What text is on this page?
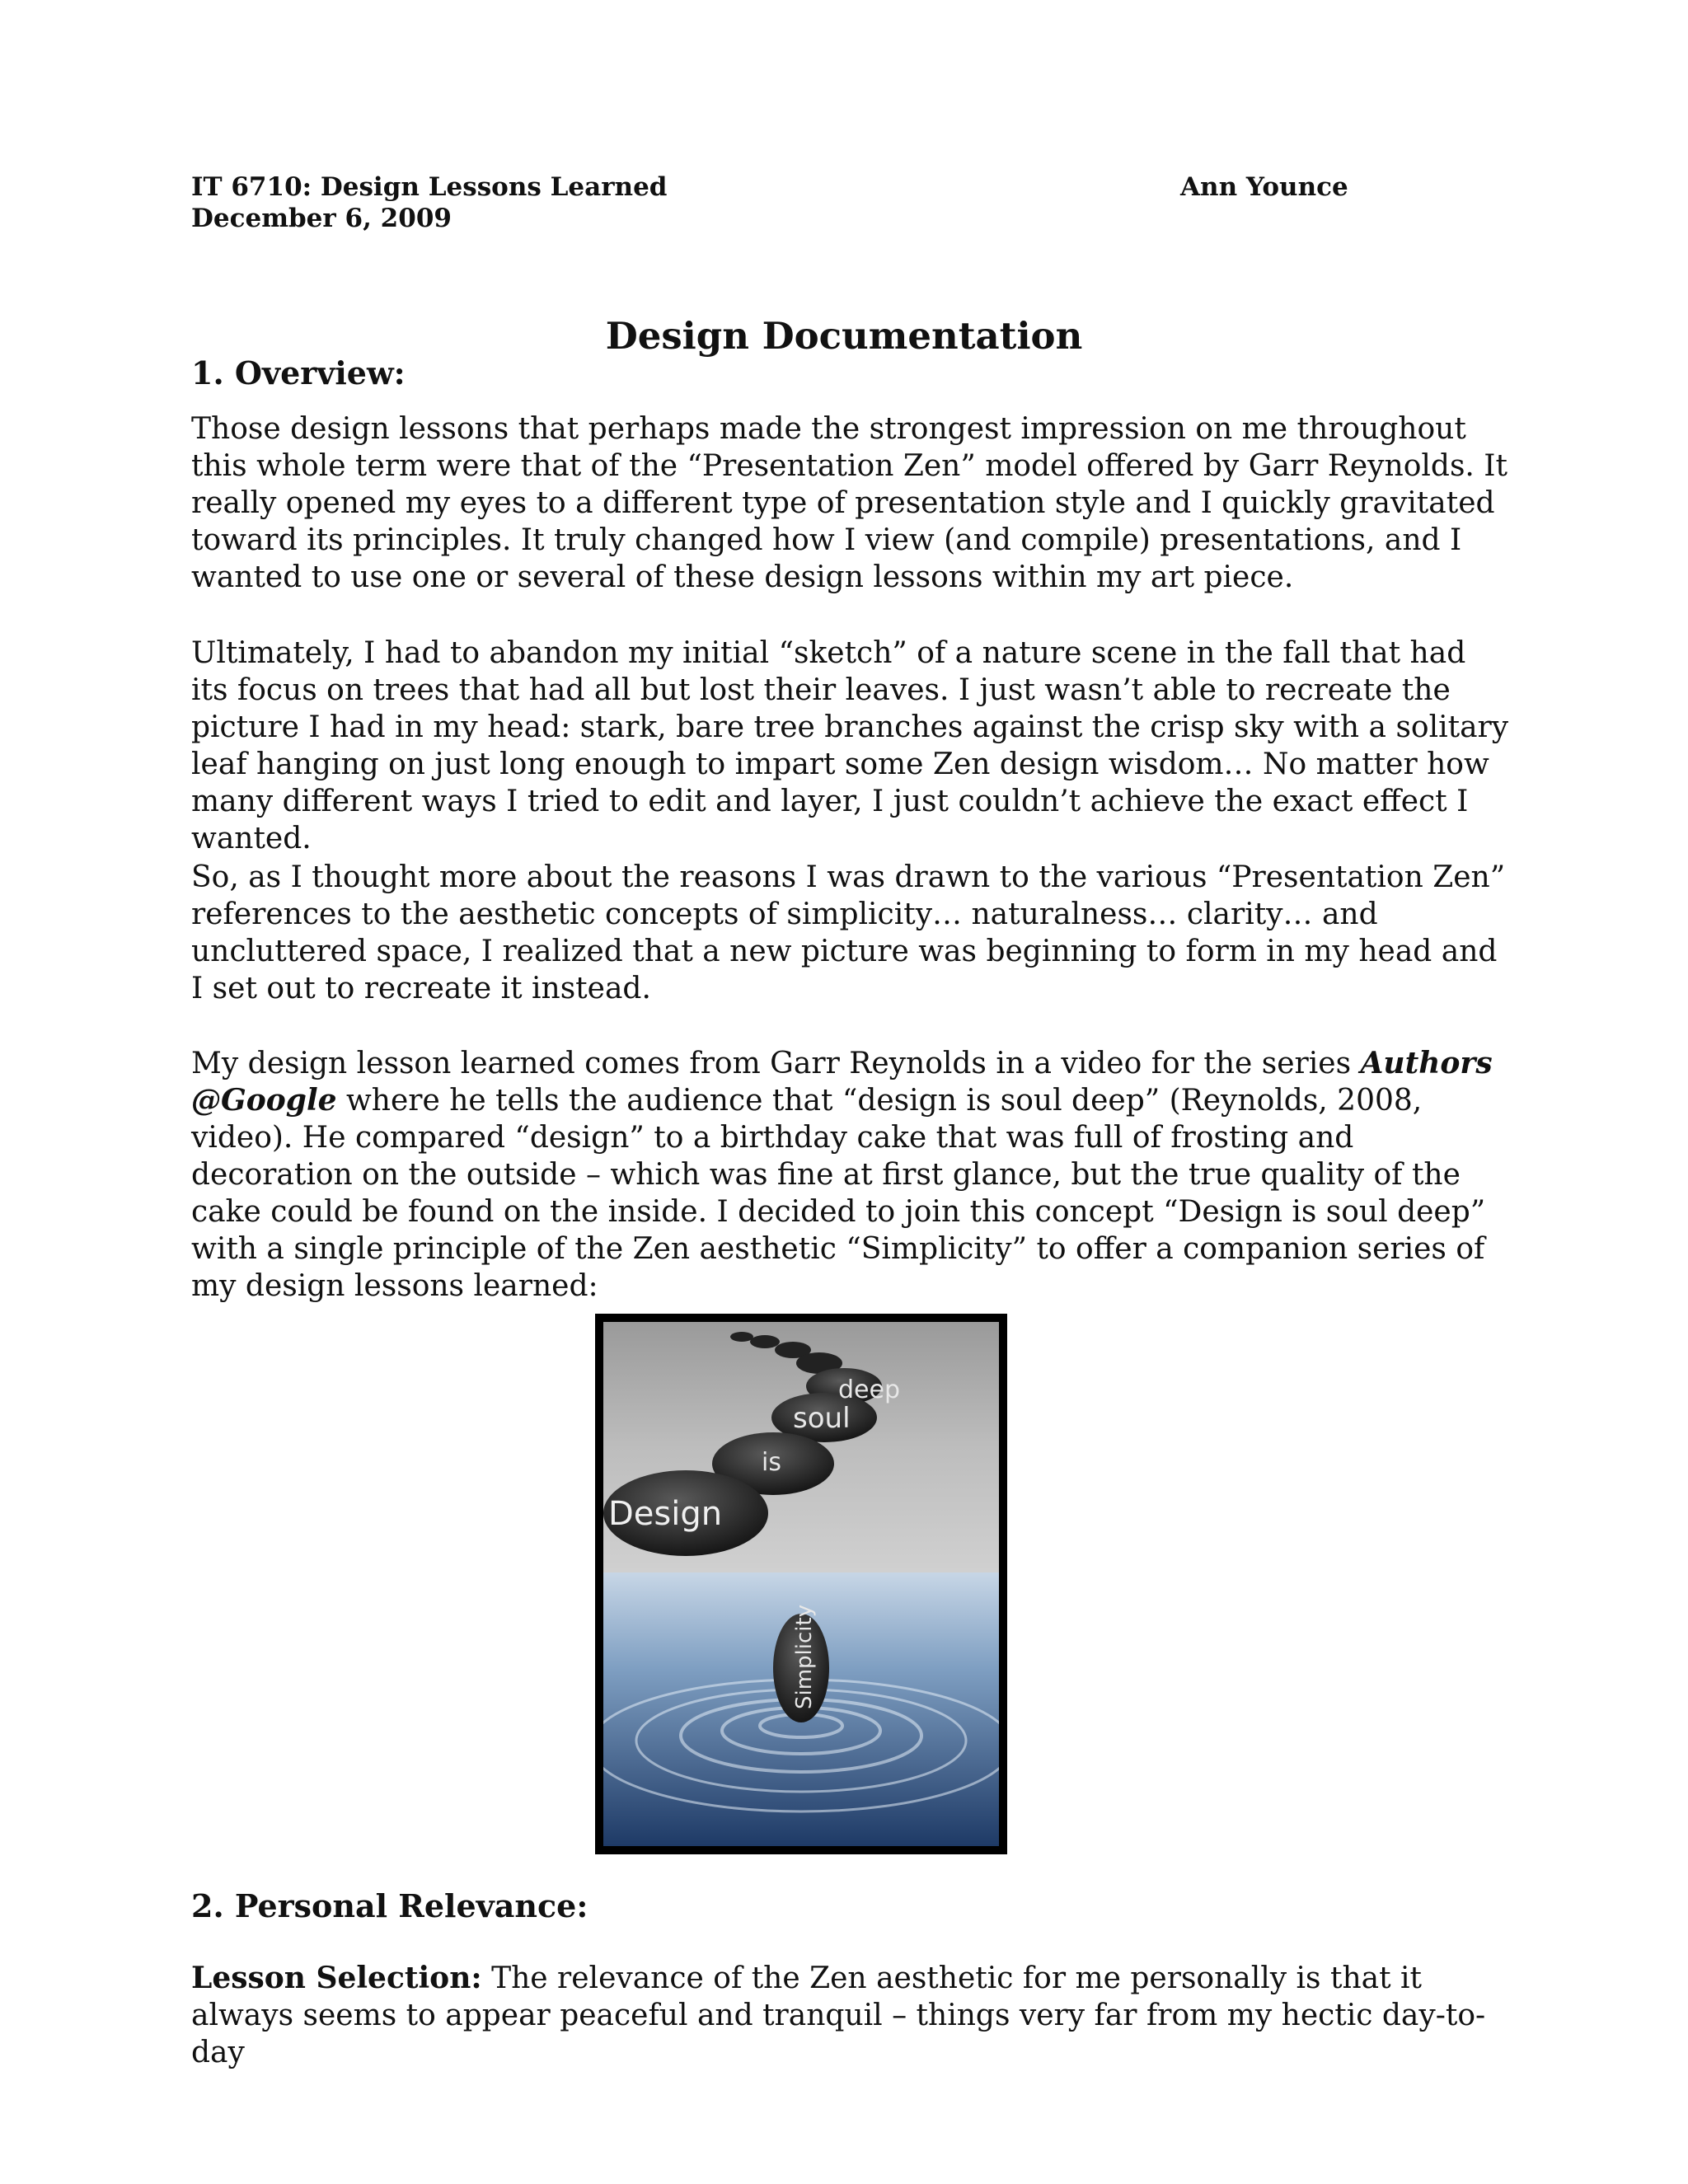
IT 6710: Design Lessons Learned
December 6, 2009
Ann Younce
Design Documentation
1. Overview:

Those design lessons that perhaps made the strongest impression on me throughout this whole term were that of the “Presentation Zen” model offered by Garr Reynolds. It really opened my eyes to a different type of presentation style and I quickly gravitated toward its principles. It truly changed how I view (and compile) presentations, and I wanted to use one or several of these design lessons within my art piece.

Ultimately, I had to abandon my initial “sketch” of a nature scene in the fall that had its focus on trees that had all but lost their leaves. I just wasn’t able to recreate the picture I had in my head: stark, bare tree branches against the crisp sky with a solitary leaf hanging on just long enough to impart some Zen design wisdom… No matter how many different ways I tried to edit and layer, I just couldn’t achieve the exact effect I wanted.

So, as I thought more about the reasons I was drawn to the various “Presentation Zen” references to the aesthetic concepts of simplicity… naturalness… clarity… and uncluttered space, I realized that a new picture was beginning to form in my head and I set out to recreate it instead.

My design lesson learned comes from Garr Reynolds in a video for the series Authors @Google where he tells the audience that “design is soul deep” (Reynolds, 2008, video). He compared “design” to a birthday cake that was full of frosting and decoration on the outside – which was fine at first glance, but the true quality of the cake could be found on the inside. I decided to join this concept “Design is soul deep” with a single principle of the Zen aesthetic “Simplicity” to offer a companion series of my design lessons learned:

deep
soul
is
Design
Simplicity
2. Personal Relevance:

Lesson Selection: The relevance of the Zen aesthetic for me personally is that it always seems to appear peaceful and tranquil – things very far from my hectic day-to-day
